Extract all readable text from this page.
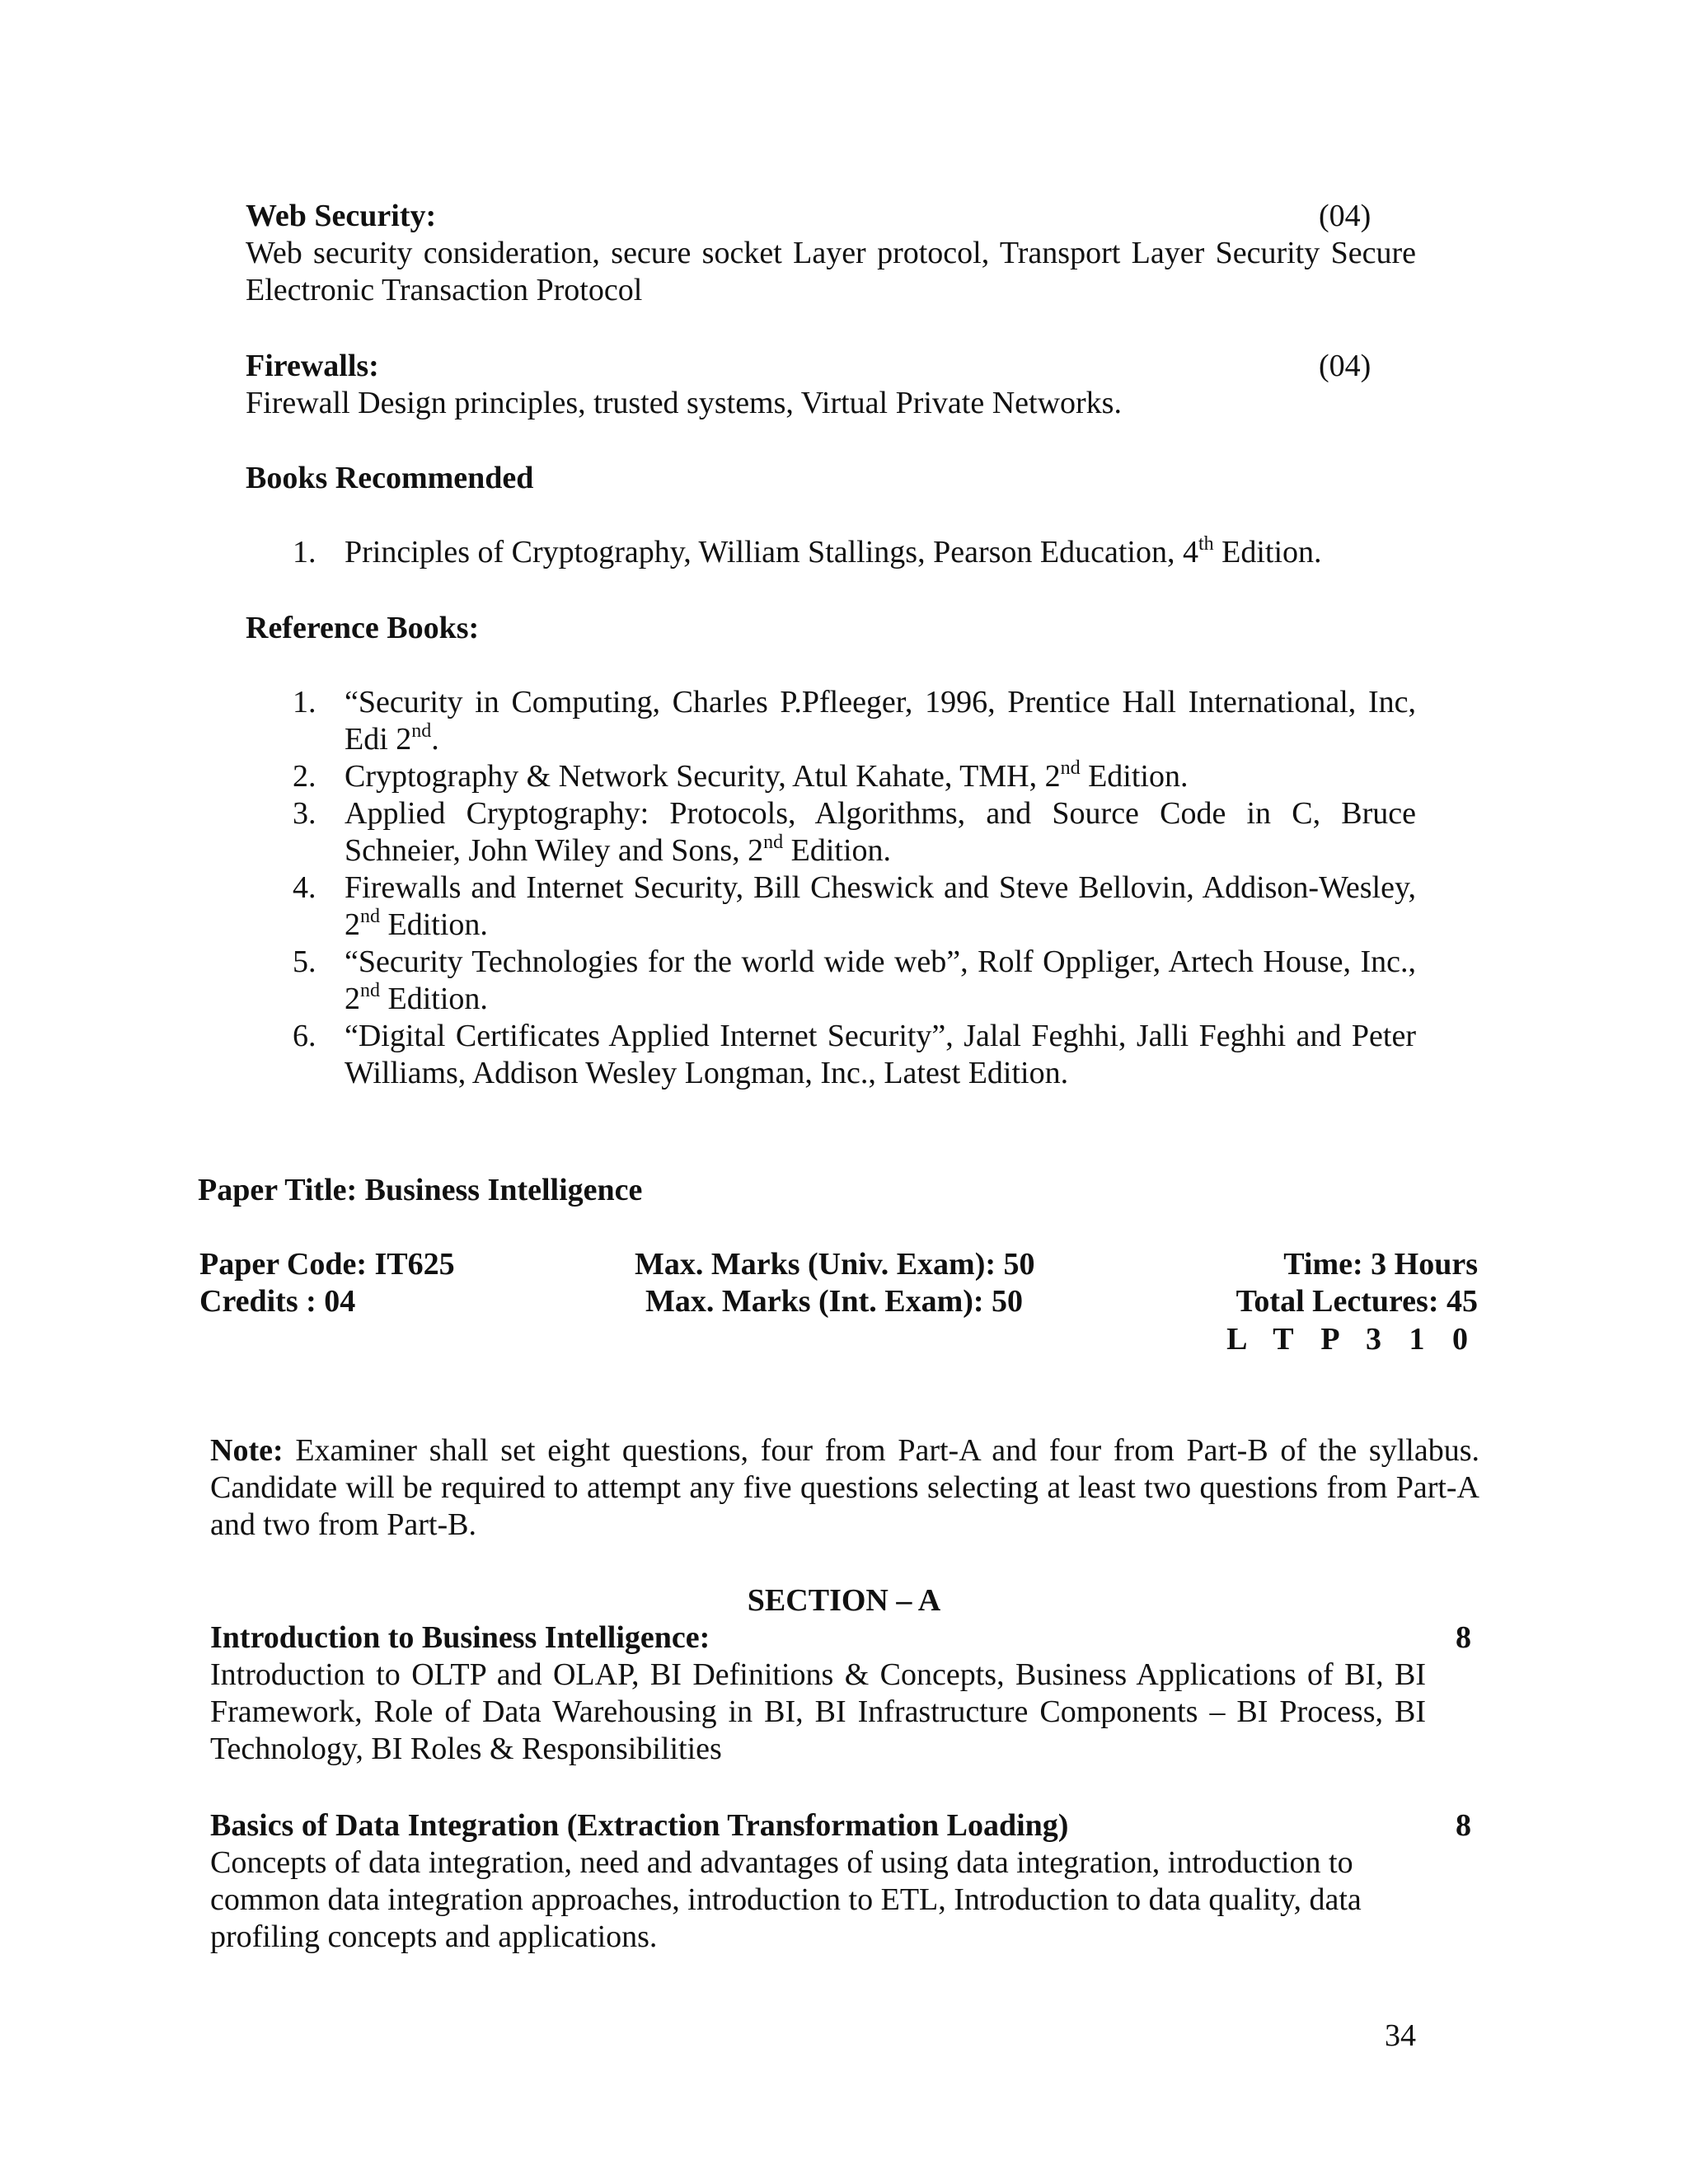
Web Security:	(04)
Web security consideration, secure socket Layer protocol, Transport Layer Security Secure Electronic Transaction Protocol
Firewalls:	(04)
Firewall Design principles, trusted systems, Virtual Private Networks.
Books Recommended
1. Principles of Cryptography, William Stallings, Pearson Education, 4th Edition.
Reference Books:
1. “Security in Computing, Charles P.Pfleeger, 1996, Prentice Hall International, Inc, Edi 2nd.
2. Cryptography & Network Security, Atul Kahate, TMH, 2nd Edition.
3. Applied Cryptography: Protocols, Algorithms, and Source Code in C, Bruce Schneier, John Wiley and Sons, 2nd Edition.
4. Firewalls and Internet Security, Bill Cheswick and Steve Bellovin, Addison-Wesley, 2nd Edition.
5. “Security Technologies for the world wide web”, Rolf Oppliger, Artech House, Inc., 2nd Edition.
6. “Digital Certificates Applied Internet Security”, Jalal Feghhi, Jalli Feghhi and Peter Williams, Addison Wesley Longman, Inc., Latest Edition.
Paper Title: Business Intelligence
Paper Code: IT625	Max. Marks (Univ. Exam): 50	Time: 3 Hours
Credits : 04	Max. Marks (Int. Exam): 50	Total Lectures: 45
L T P 3 1 0
Note: Examiner shall set eight questions, four from Part-A and four from Part-B of the syllabus. Candidate will be required to attempt any five questions selecting at least two questions from Part-A and two from Part-B.
SECTION – A
Introduction to Business Intelligence:	8
Introduction to OLTP and OLAP, BI Definitions & Concepts, Business Applications of BI, BI Framework, Role of Data Warehousing in BI, BI Infrastructure Components – BI Process, BI Technology, BI Roles & Responsibilities
Basics of Data Integration (Extraction Transformation Loading)	8
Concepts of data integration, need and advantages of using data integration, introduction to common data integration approaches, introduction to ETL, Introduction to data quality, data profiling concepts and applications.
34
